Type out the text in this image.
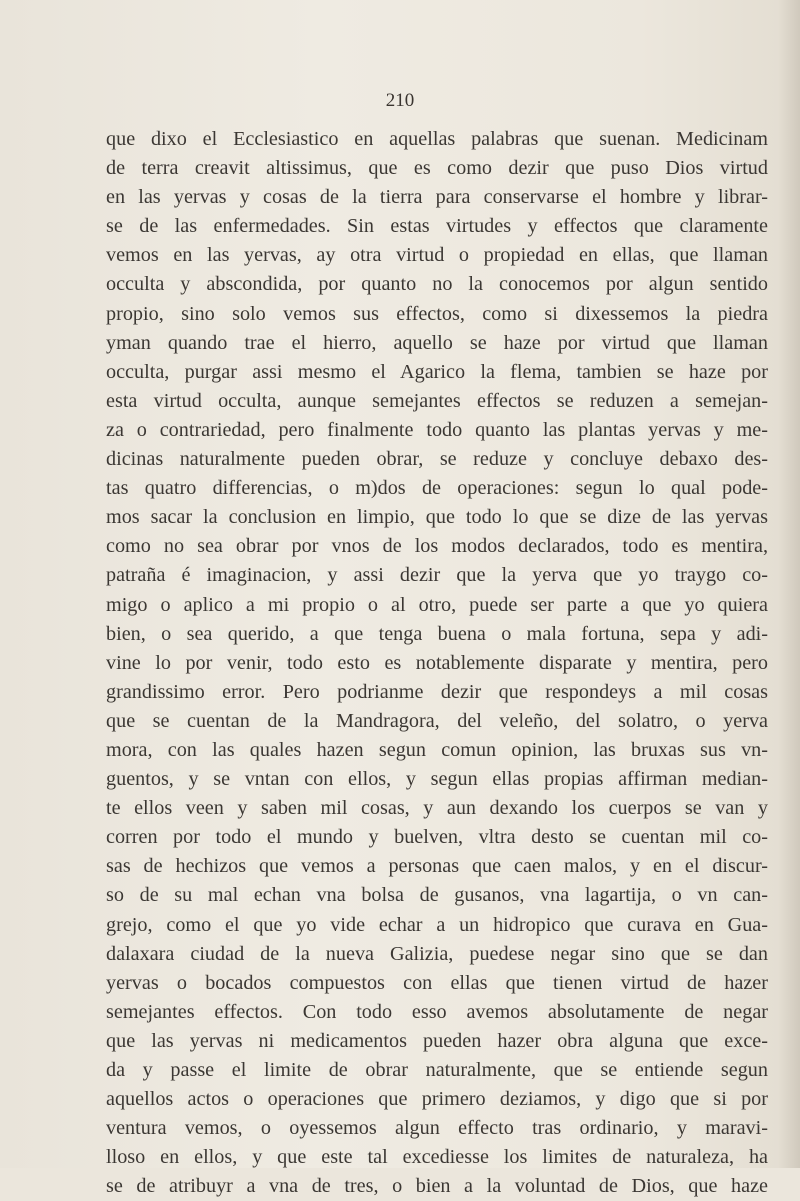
210
que dixo el Ecclesiastico en aquellas palabras que suenan. Medicinam
de terra creavit altissimus, que es como dezir que puso Dios virtud
en las yervas y cosas de la tierra para conservarse el hombre y librar-
se de las enfermedades. Sin estas virtudes y effectos que claramente
vemos en las yervas, ay otra virtud o propiedad en ellas, que llaman
occulta y abscondida, por quanto no la conocemos por algun sentido
propio, sino solo vemos sus effectos, como si dixessemos la piedra
yman quando trae el hierro, aquello se haze por virtud que llaman
occulta, purgar assi mesmo el Agarico la flema, tambien se haze por
esta virtud occulta, aunque semejantes effectos se reduzen a semejan-
za o contrariedad, pero finalmente todo quanto las plantas yervas y me-
dicinas naturalmente pueden obrar, se reduze y concluye debaxo des-
tas quatro differencias, o m)dos de operaciones: segun lo qual pode-
mos sacar la conclusion en limpio, que todo lo que se dize de las yervas
como no sea obrar por vnos de los modos declarados, todo es mentira,
patraña é imaginacion, y assi dezir que la yerva que yo traygo co-
migo o aplico a mi propio o al otro, puede ser parte a que yo quiera
bien, o sea querido, a que tenga buena o mala fortuna, sepa y adi-
vine lo por venir, todo esto es notablemente disparate y mentira, pero
grandissimo error. Pero podrianme dezir que respondeys a mil cosas
que se cuentan de la Mandragora, del veleño, del solatro, o yerva
mora, con las quales hazen segun comun opinion, las bruxas sus vn-
guentos, y se vntan con ellos, y segun ellas propias affirman median-
te ellos veen y saben mil cosas, y aun dexando los cuerpos se van y
corren por todo el mundo y buelven, vltra desto se cuentan mil co-
sas de hechizos que vemos a personas que caen malos, y en el discur-
so de su mal echan vna bolsa de gusanos, vna lagartija, o vn can-
grejo, como el que yo vide echar a un hidropico que curava en Gua-
dalaxara ciudad de la nueva Galizia, puedese negar sino que se dan
yervas o bocados compuestos con ellas que tienen virtud de hazer
semejantes effectos. Con todo esso avemos absolutamente de negar
que las yervas ni medicamentos pueden hazer obra alguna que exce-
da y passe el limite de obrar naturalmente, que se entiende segun
aquellos actos o operaciones que primero deziamos, y digo que si por
ventura vemos, o oyessemos algun effecto tras ordinario, y maravi-
lloso en ellos, y que este tal excediesse los limites de naturaleza, ha
se de atribuyr a vna de tres, o bien a la voluntad de Dios, que haze
